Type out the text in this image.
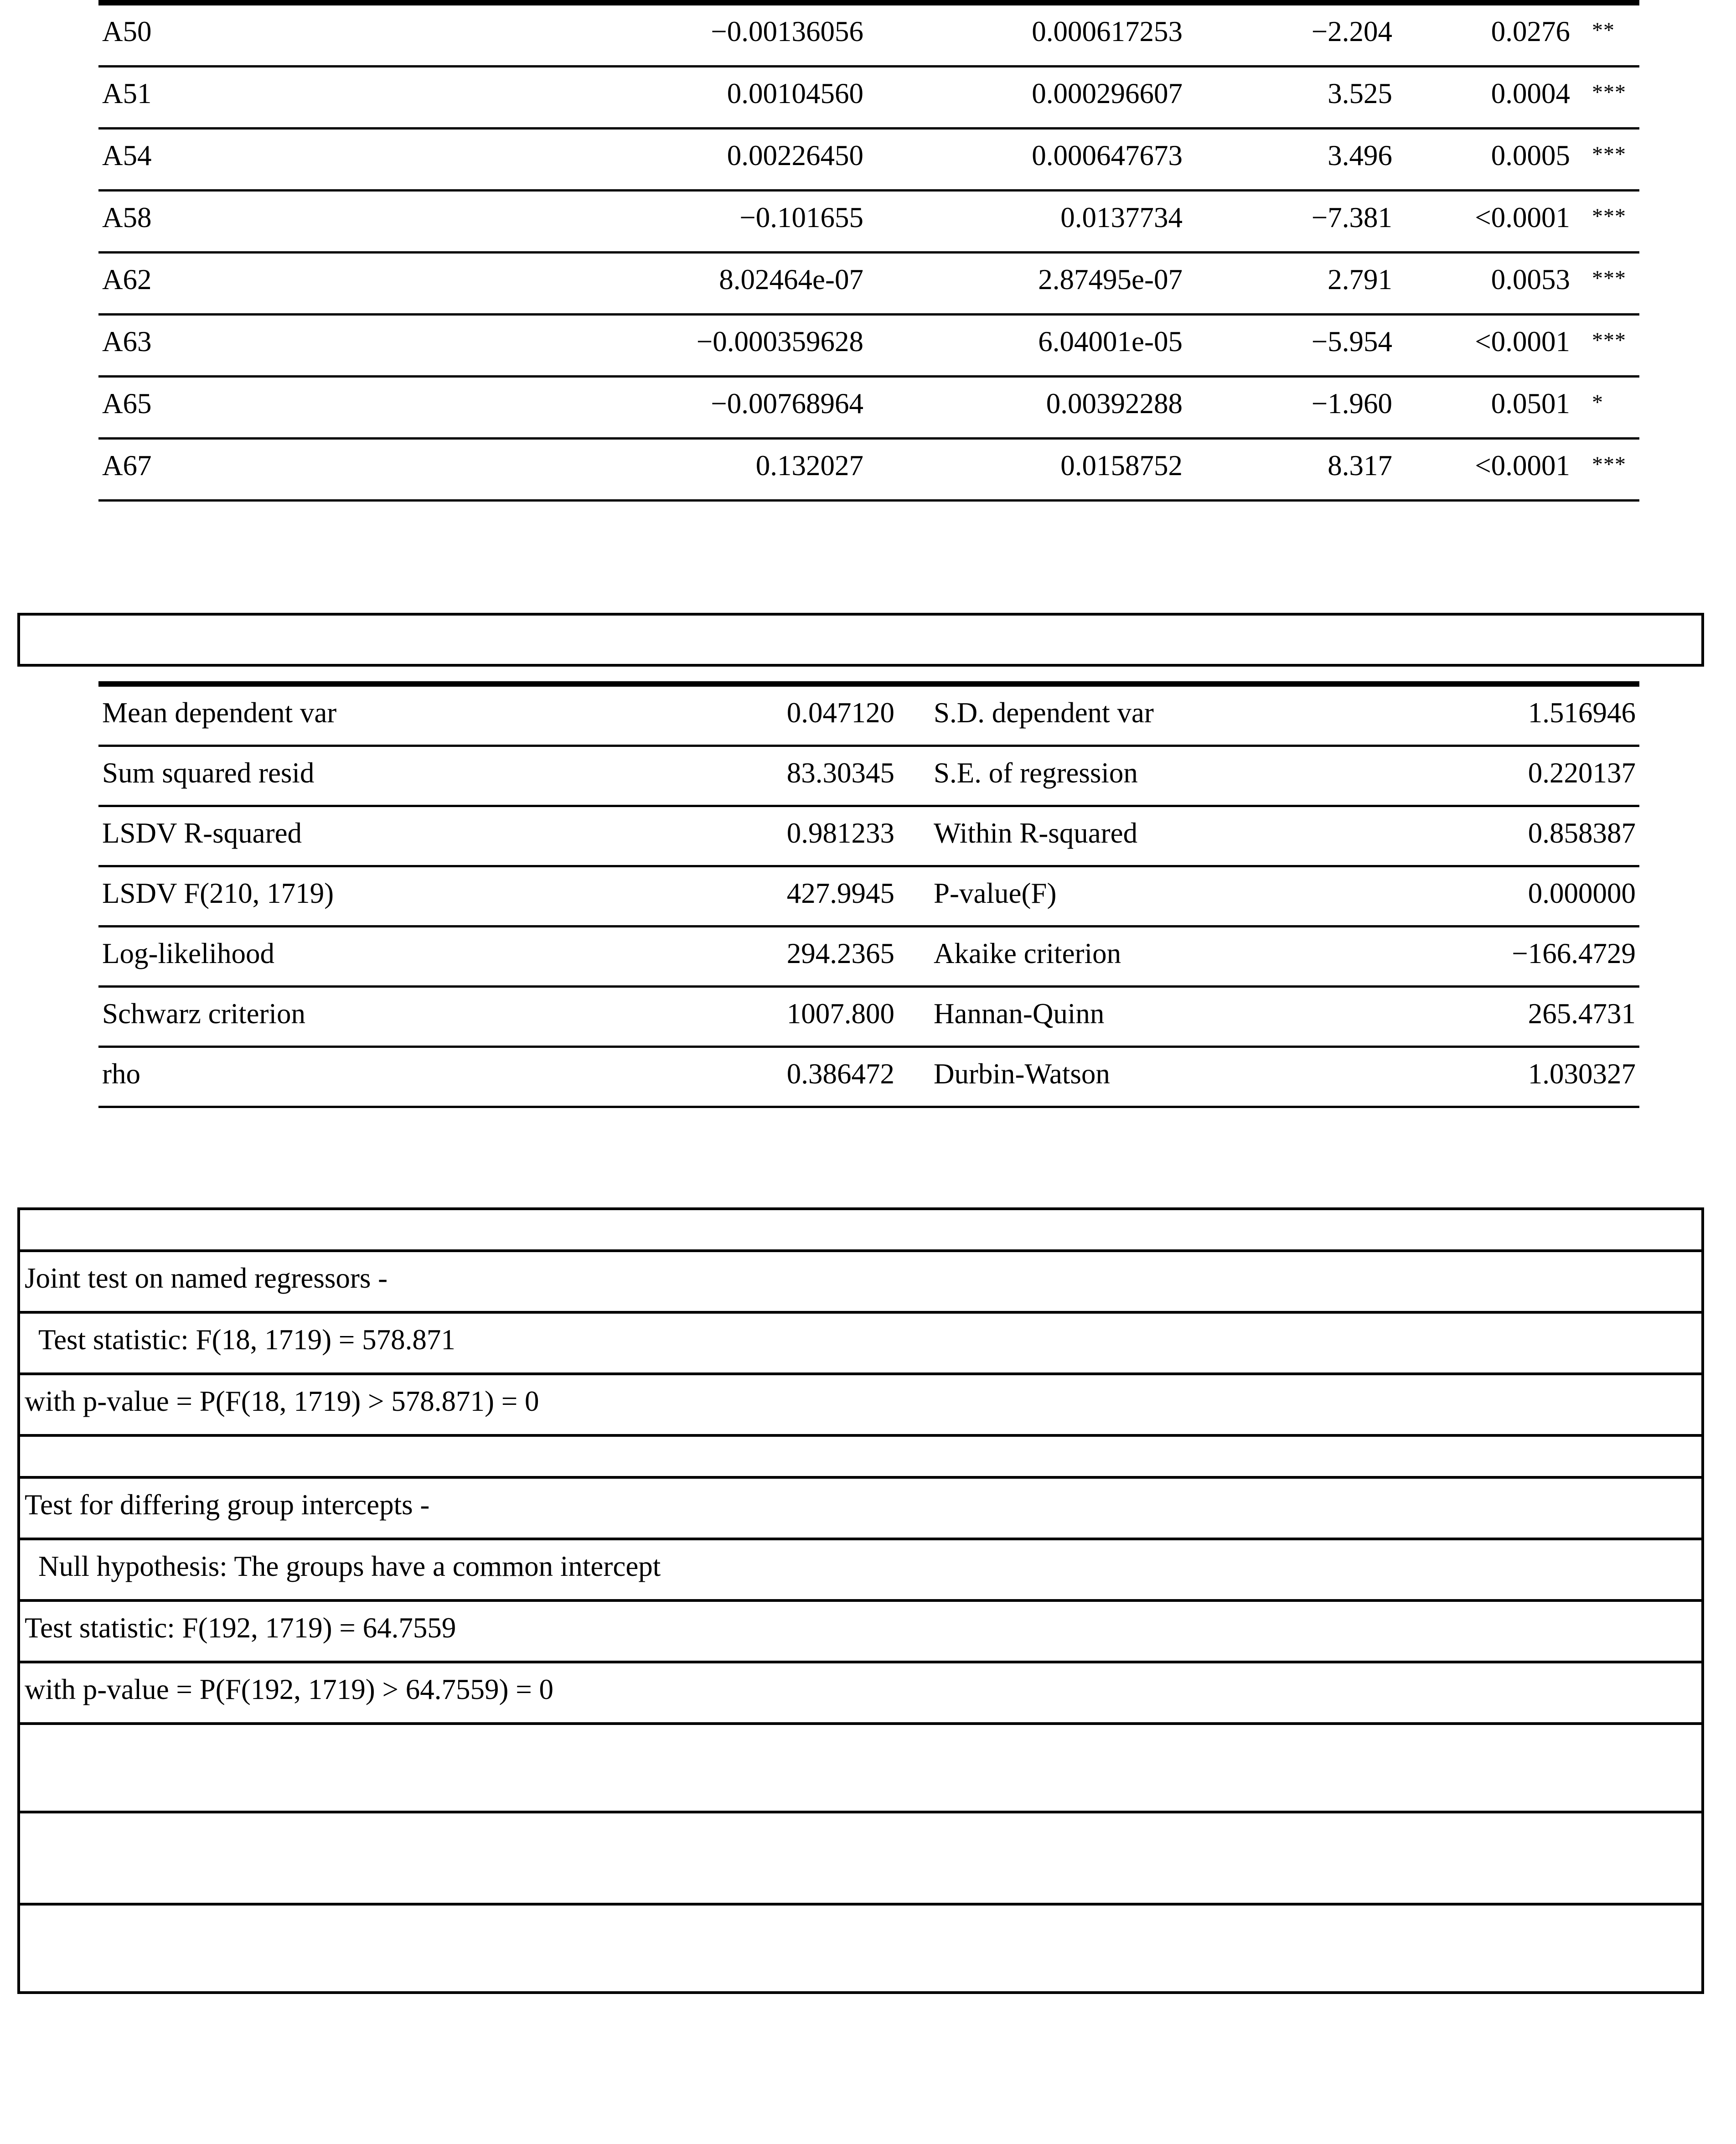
A50	−0.00136056	0.000617253	−2.204	0.0276	**
A51	0.00104560	0.000296607	3.525	0.0004	***
A54	0.00226450	0.000647673	3.496	0.0005	***
A58	−0.101655	0.0137734	−7.381	<0.0001	***
A62	8.02464e-07	2.87495e-07	2.791	0.0053	***
A63	−0.000359628	6.04001e-05	−5.954	<0.0001	***
A65	−0.00768964	0.00392288	−1.960	0.0501	*
A67	0.132027	0.0158752	8.317	<0.0001	***

Mean dependent var	0.047120	S.D. dependent var	1.516946
Sum squared resid	83.30345	S.E. of regression	0.220137
LSDV R-squared	0.981233	Within R-squared	0.858387
LSDV F(210, 1719)	427.9945	P-value(F)	0.000000
Log-likelihood	294.2365	Akaike criterion	−166.4729
Schwarz criterion	1007.800	Hannan-Quinn	265.4731
rho	0.386472	Durbin-Watson	1.030327

Joint test on named regressors -
Test statistic: F(18, 1719) = 578.871
with p-value = P(F(18, 1719) > 578.871) = 0
Test for differing group intercepts -
Null hypothesis: The groups have a common intercept
Test statistic: F(192, 1719) = 64.7559
with p-value = P(F(192, 1719) > 64.7559) = 0
